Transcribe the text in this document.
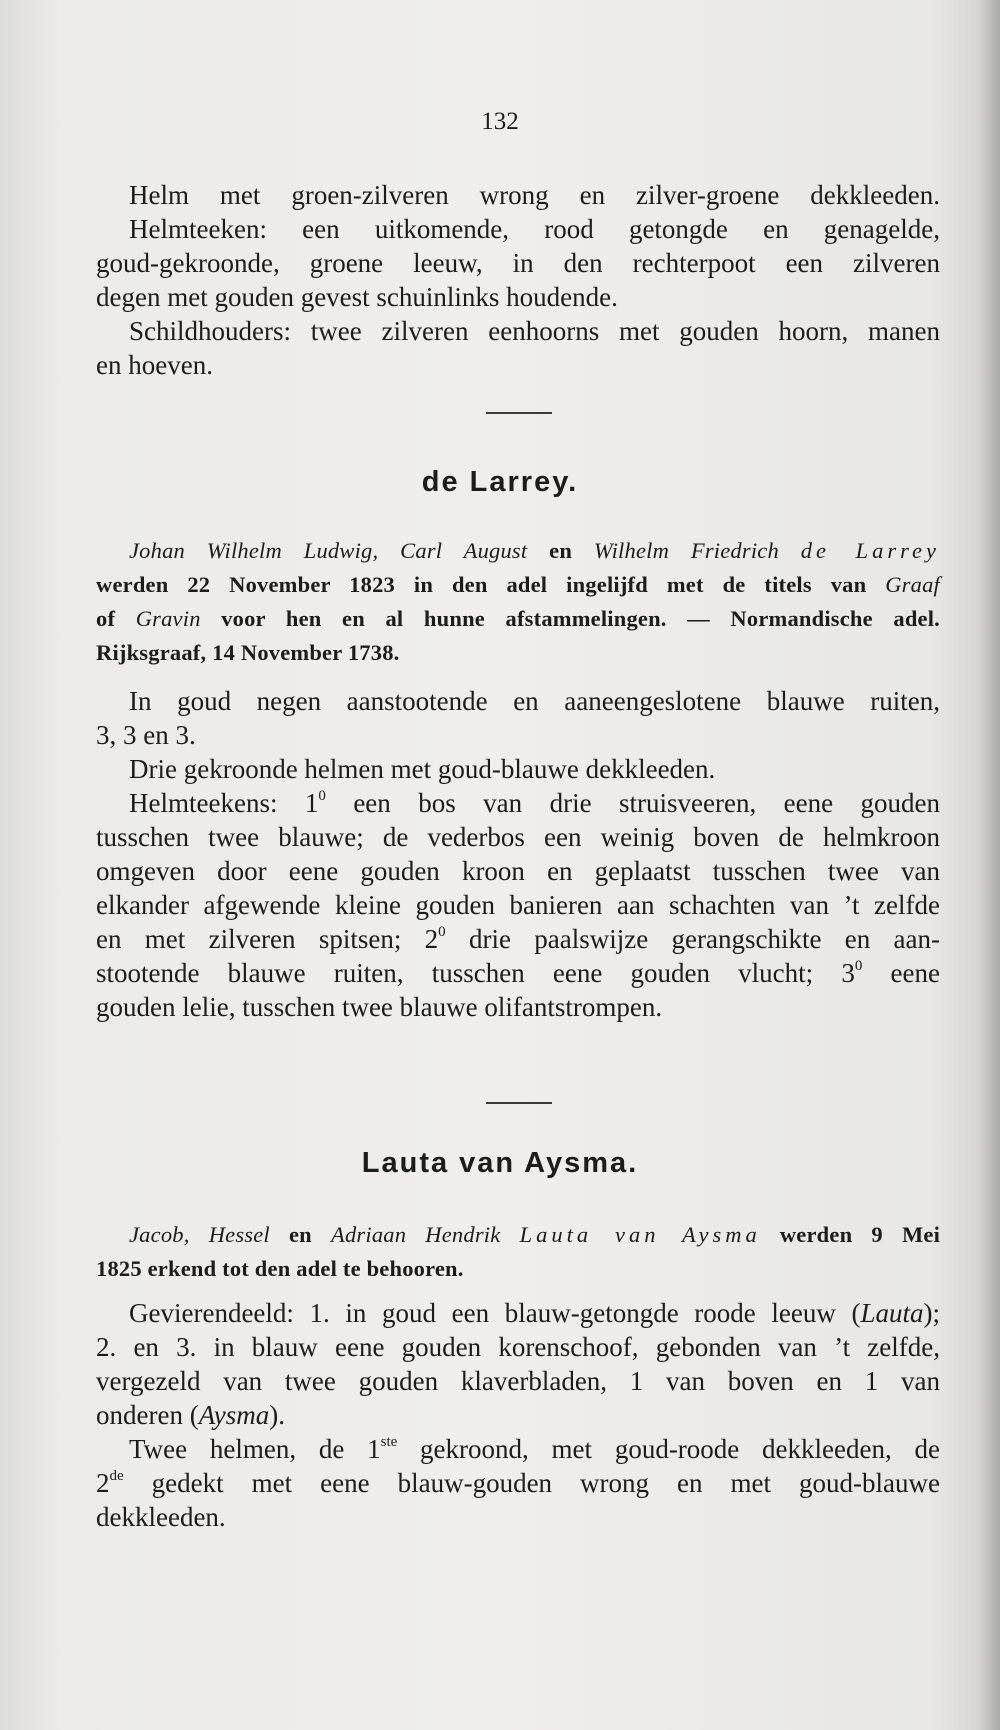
132
Helm met groen-zilveren wrong en zilver-groene dekkleeden.
Helmteeken: een uitkomende, rood getongde en genagelde,
goud-gekroonde, groene leeuw, in den rechterpoot een zilveren
degen met gouden gevest schuinlinks houdende.
Schildhouders: twee zilveren eenhoorns met gouden hoorn, manen
en hoeven.
de Larrey.
Johan Wilhelm Ludwig, Carl August en Wilhelm Friedrich de Larrey
werden 22 November 1823 in den adel ingelijfd met de titels van Graaf
of Gravin voor hen en al hunne afstammelingen. — Normandische adel.
Rijksgraaf, 14 November 1738.
In goud negen aanstootende en aaneengeslotene blauwe ruiten,
3, 3 en 3.
Drie gekroonde helmen met goud-blauwe dekkleeden.
Helmteekens: $1^0$ een bos van drie struisveeren, eene gouden
tusschen twee blauwe; de vederbos een weinig boven de helmkroon
omgeven door eene gouden kroon en geplaatst tusschen twee van
elkander afgewende kleine gouden banieren aan schachten van ’t zelfde
en met zilveren spitsen; $2^0$ drie paalswijze gerangschikte en aan-
stootende blauwe ruiten, tusschen eene gouden vlucht; $3^0$ eene
gouden lelie, tusschen twee blauwe olifantstrompen.
Lauta van Aysma.
Jacob, Hessel en Adriaan Hendrik Lauta van Aysma werden 9 Mei
1825 erkend tot den adel te behooren.
Gevierendeeld: 1. in goud een blauw-getongde roode leeuw (Lauta);
2. en 3. in blauw eene gouden korenschoof, gebonden van ’t zelfde,
vergezeld van twee gouden klaverbladen, 1 van boven en 1 van
onderen (Aysma).
Twee helmen, de 1ste gekroond, met goud-roode dekkleeden, de
2de gedekt met eene blauw-gouden wrong en met goud-blauwe
dekkleeden.
